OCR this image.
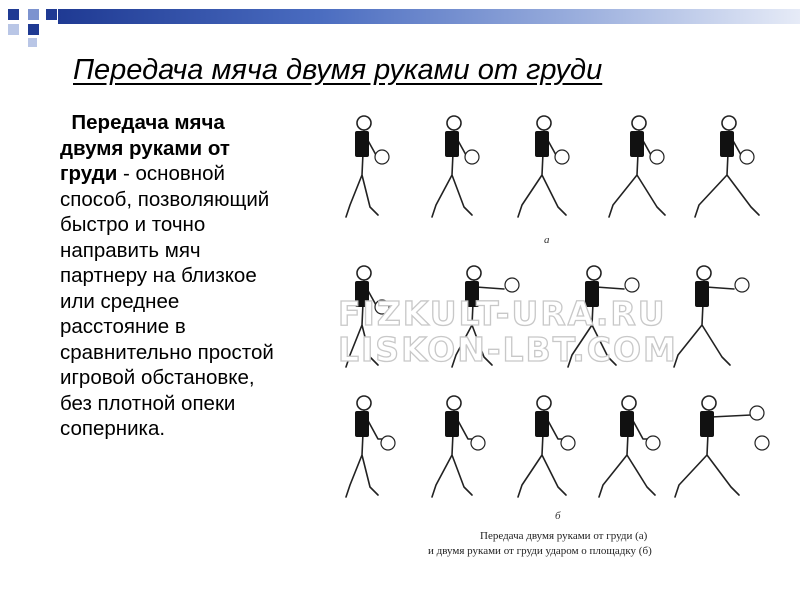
Передача мяча двумя руками от груди
Передача мяча двумя руками от груди - основной способ, позволяющий быстро и точно направить мяч партнеру на близкое или среднее расстояние в сравнительно простой игровой обстановке, без плотной опеки соперника.
FIZKULT-URA.RU
LISKON-LBT.COM
а
б
Передача двумя руками от груди (а)
и двумя руками от груди ударом о площадку (б)
